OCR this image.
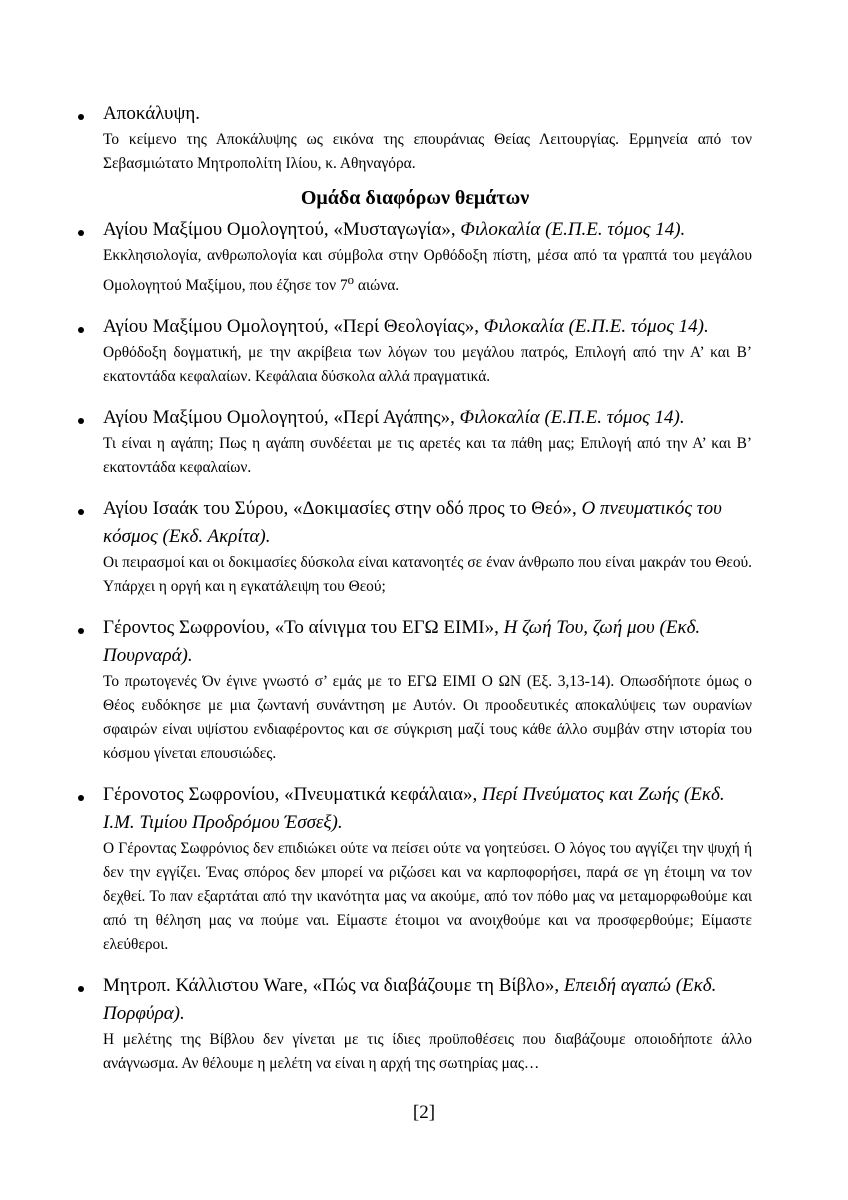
Αποκάλυψη.
Το κείμενο της Αποκάλυψης ως εικόνα της επουράνιας Θείας Λειτουργίας. Ερμηνεία από τον Σεβασμιώτατο Μητροπολίτη Ιλίου, κ. Αθηναγόρα.
Ομάδα διαφόρων θεμάτων
Αγίου Μαξίμου Ομολογητού, «Μυσταγωγία», Φιλοκαλία (Ε.Π.Ε. τόμος 14).
Εκκλησιολογία, ανθρωπολογία και σύμβολα στην Ορθόδοξη πίστη, μέσα από τα γραπτά του μεγάλου Ομολογητού Μαξίμου, που έζησε τον $7^o$ αιώνα.
Αγίου Μαξίμου Ομολογητού, «Περί Θεολογίας», Φιλοκαλία (Ε.Π.Ε. τόμος 14).
Ορθόδοξη δογματική, με την ακρίβεια των λόγων του μεγάλου πατρός, Επιλογή από την Α’ και Β’ εκατοντάδα κεφαλαίων. Κεφάλαια δύσκολα αλλά πραγματικά.
Αγίου Μαξίμου Ομολογητού, «Περί Αγάπης», Φιλοκαλία (Ε.Π.Ε. τόμος 14).
Τι είναι η αγάπη; Πως η αγάπη συνδέεται με τις αρετές και τα πάθη μας; Επιλογή από την Α’ και Β’ εκατοντάδα κεφαλαίων.
Αγίου Ισαάκ του Σύρου, «Δοκιμασίες στην οδό προς το Θεό», Ο πνευματικός του κόσμος (Εκδ. Ακρίτα).
Οι πειρασμοί και οι δοκιμασίες δύσκολα είναι κατανοητές σε έναν άνθρωπο που είναι μακράν του Θεού. Υπάρχει η οργή και η εγκατάλειψη του Θεού;
Γέροντος Σωφρονίου, «Το αίνιγμα του ΕΓΩ ΕΙΜΙ», Η ζωή Του, ζωή μου (Εκδ. Πουρναρά).
Το πρωτογενές Όν έγινε γνωστό σ’ εμάς με το ΕΓΩ ΕΙΜΙ Ο ΩΝ (Εξ. 3,13-14). Οπωσδήποτε όμως ο Θέος ευδόκησε με μια ζωντανή συνάντηση με Αυτόν. Οι προοδευτικές αποκαλύψεις των ουρανίων σφαιρών είναι υψίστου ενδιαφέροντος και σε σύγκριση μαζί τους κάθε άλλο συμβάν στην ιστορία του κόσμου γίνεται επουσιώδες.
Γέρονοτος Σωφρονίου, «Πνευματικά κεφάλαια», Περί Πνεύματος και Ζωής (Εκδ. Ι.Μ. Τιμίου Προδρόμου Έσσεξ).
Ο Γέροντας Σωφρόνιος δεν επιδιώκει ούτε να πείσει ούτε να γοητεύσει. Ο λόγος του αγγίζει την ψυχή ή δεν την εγγίζει. Ένας σπόρος δεν μπορεί να ριζώσει και να καρποφορήσει, παρά σε γη έτοιμη να τον δεχθεί. Το παν εξαρτάται από την ικανότητα μας να ακούμε, από τον πόθο μας να μεταμορφωθούμε και από τη θέληση μας να πούμε ναι. Είμαστε έτοιμοι να ανοιχθούμε και να προσφερθούμε; Είμαστε ελεύθεροι.
Μητροπ. Κάλλιστου Ware, «Πώς να διαβάζουμε τη Βίβλο», Επειδή αγαπώ (Εκδ. Πορφύρα).
Η μελέτης της Βίβλου δεν γίνεται με τις ίδιες προϋποθέσεις που διαβάζουμε οποιοδήποτε άλλο ανάγνωσμα. Αν θέλουμε η μελέτη να είναι η αρχή της σωτηρίας μας…
[2]
